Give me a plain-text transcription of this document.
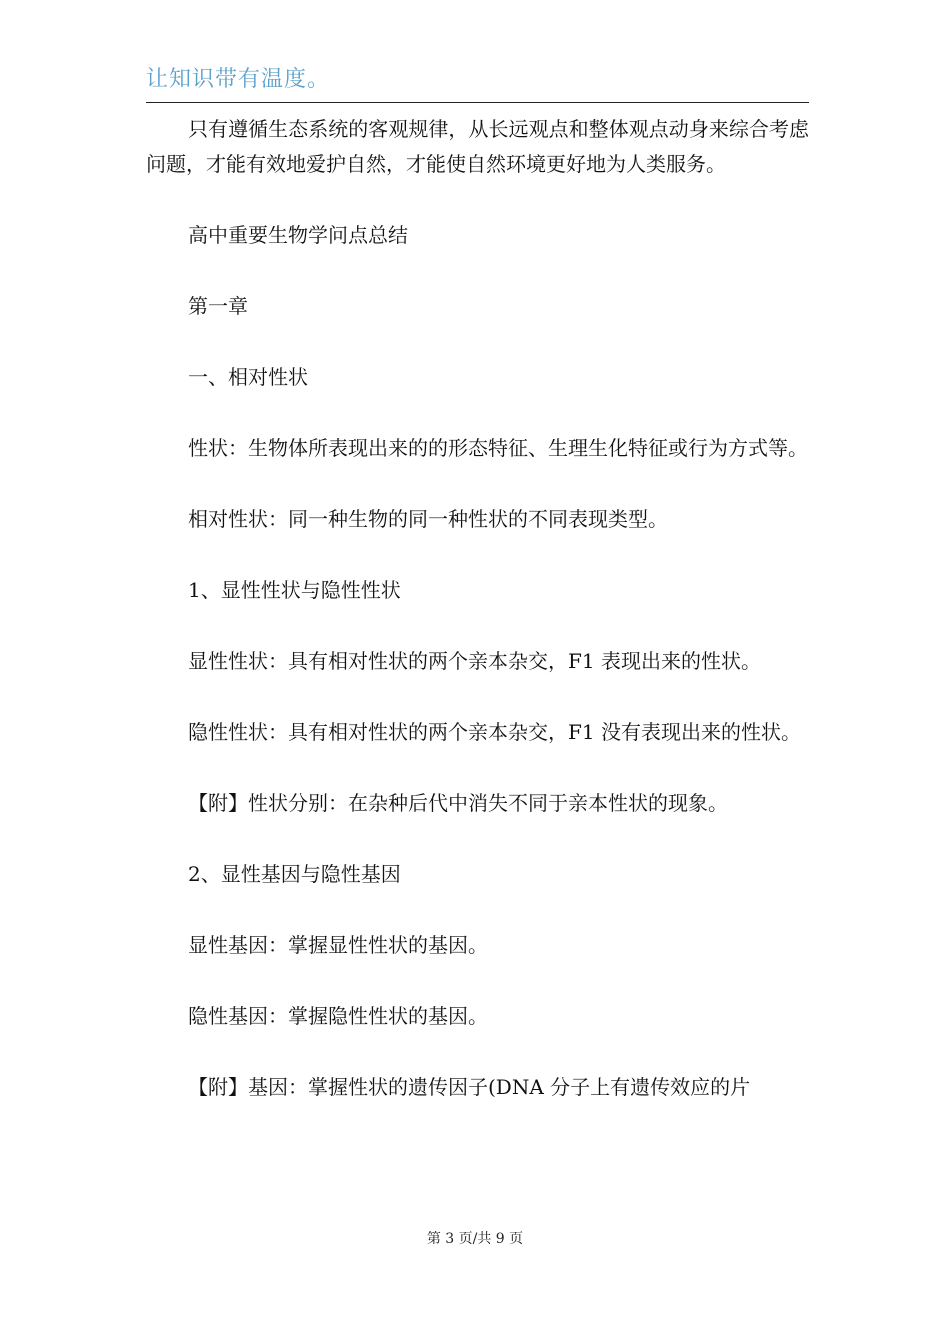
让知识带有温度。

只有遵循生态系统的客观规律，从长远观点和整体观点动身来综合考虑问题，才能有效地爱护自然，才能使自然环境更好地为人类服务。

高中重要生物学问点总结

第一章

一、相对性状

性状：生物体所表现出来的的形态特征、生理生化特征或行为方式等。

相对性状：同一种生物的同一种性状的不同表现类型。

1、显性性状与隐性性状

显性性状：具有相对性状的两个亲本杂交，F1 表现出来的性状。

隐性性状：具有相对性状的两个亲本杂交，F1 没有表现出来的性状。

【附】性状分别：在杂种后代中消失不同于亲本性状的现象。

2、显性基因与隐性基因

显性基因：掌握显性性状的基因。

隐性基因：掌握隐性性状的基因。

【附】基因：掌握性状的遗传因子(DNA 分子上有遗传效应的片

第 3 页/共 9 页
